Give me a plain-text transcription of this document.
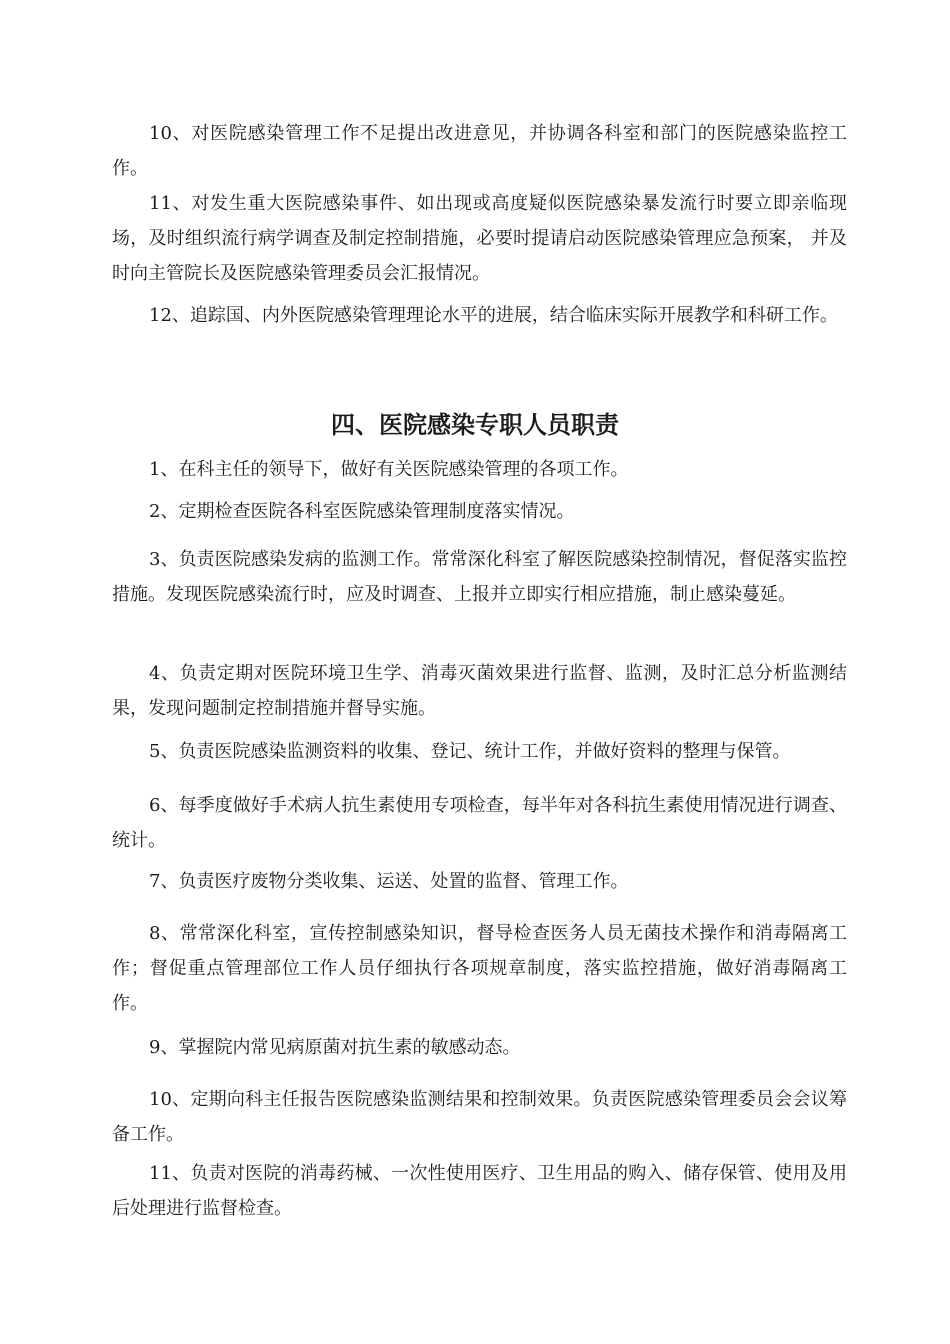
10、对医院感染管理工作不足提出改进意见，并协调各科室和部门的医院感染监控工作。

11、对发生重大医院感染事件、如出现或高度疑似医院感染暴发流行时要立即亲临现场，及时组织流行病学调查及制定控制措施，必要时提请启动医院感染管理应急预案， 并及时向主管院长及医院感染管理委员会汇报情况。

12、追踪国、内外医院感染管理理论水平的进展，结合临床实际开展教学和科研工作。

四、医院感染专职人员职责

1、在科主任的领导下，做好有关医院感染管理的各项工作。

2、定期检查医院各科室医院感染管理制度落实情况。

3、负责医院感染发病的监测工作。常常深化科室了解医院感染控制情况，督促落实监控措施。发现医院感染流行时，应及时调查、上报并立即实行相应措施，制止感染蔓延。

4、负责定期对医院环境卫生学、消毒灭菌效果进行监督、监测，及时汇总分析监测结果，发现问题制定控制措施并督导实施。

5、负责医院感染监测资料的收集、登记、统计工作，并做好资料的整理与保管。

6、每季度做好手术病人抗生素使用专项检查，每半年对各科抗生素使用情况进行调查、统计。

7、负责医疗废物分类收集、运送、处置的监督、管理工作。

8、常常深化科室，宣传控制感染知识，督导检查医务人员无菌技术操作和消毒隔离工作；督促重点管理部位工作人员仔细执行各项规章制度，落实监控措施，做好消毒隔离工作。

9、掌握院内常见病原菌对抗生素的敏感动态。

10、定期向科主任报告医院感染监测结果和控制效果。负责医院感染管理委员会会议筹备工作。

11、负责对医院的消毒药械、一次性使用医疗、卫生用品的购入、储存保管、使用及用后处理进行监督检查。
